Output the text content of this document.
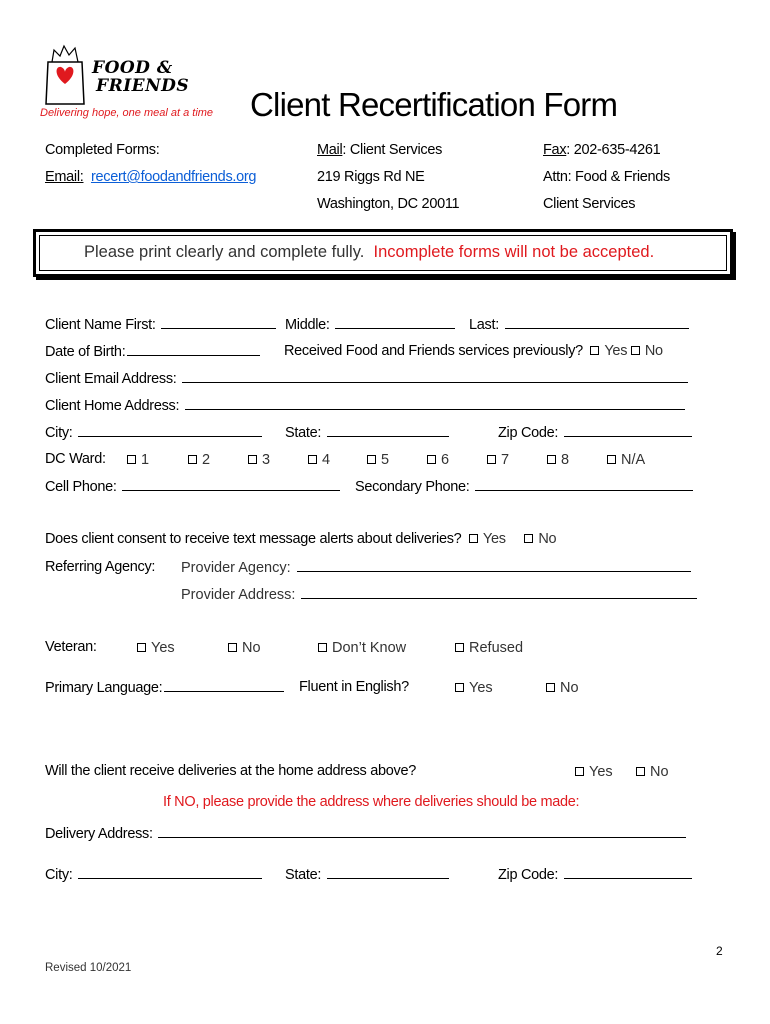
FOOD &
FRIENDS
Delivering hope, one meal at a time Client Recertification Form
Completed Forms:
Email: recert@foodandfriends.org
Mail: Client Services
219 Riggs Rd NE
Washington, DC 20011
Fax: 202-635-4261
Attn: Food & Friends
Client Services
Please print clearly and complete fully. Incomplete forms will not be accepted.
Client Name First:	Middle:	Last:
Date of Birth:	Received Food and Friends services previously? Yes No
Client Email Address:
Client Home Address:
City:	State:	Zip Code:
DC Ward:	1	2	3	4	5	6	7	8	N/A
Cell Phone:	Secondary Phone:
Does client consent to receive text message alerts about deliveries? Yes No
Referring Agency: Provider Agency:
Provider Address:
Veteran:	Yes	No	Don’t Know	Refused
Primary Language:	Fluent in English?	Yes	No
Will the client receive deliveries at the home address above?	Yes	No
If NO, please provide the address where deliveries should be made:
Delivery Address:
City:	State:	Zip Code:
2
Revised 10/2021
